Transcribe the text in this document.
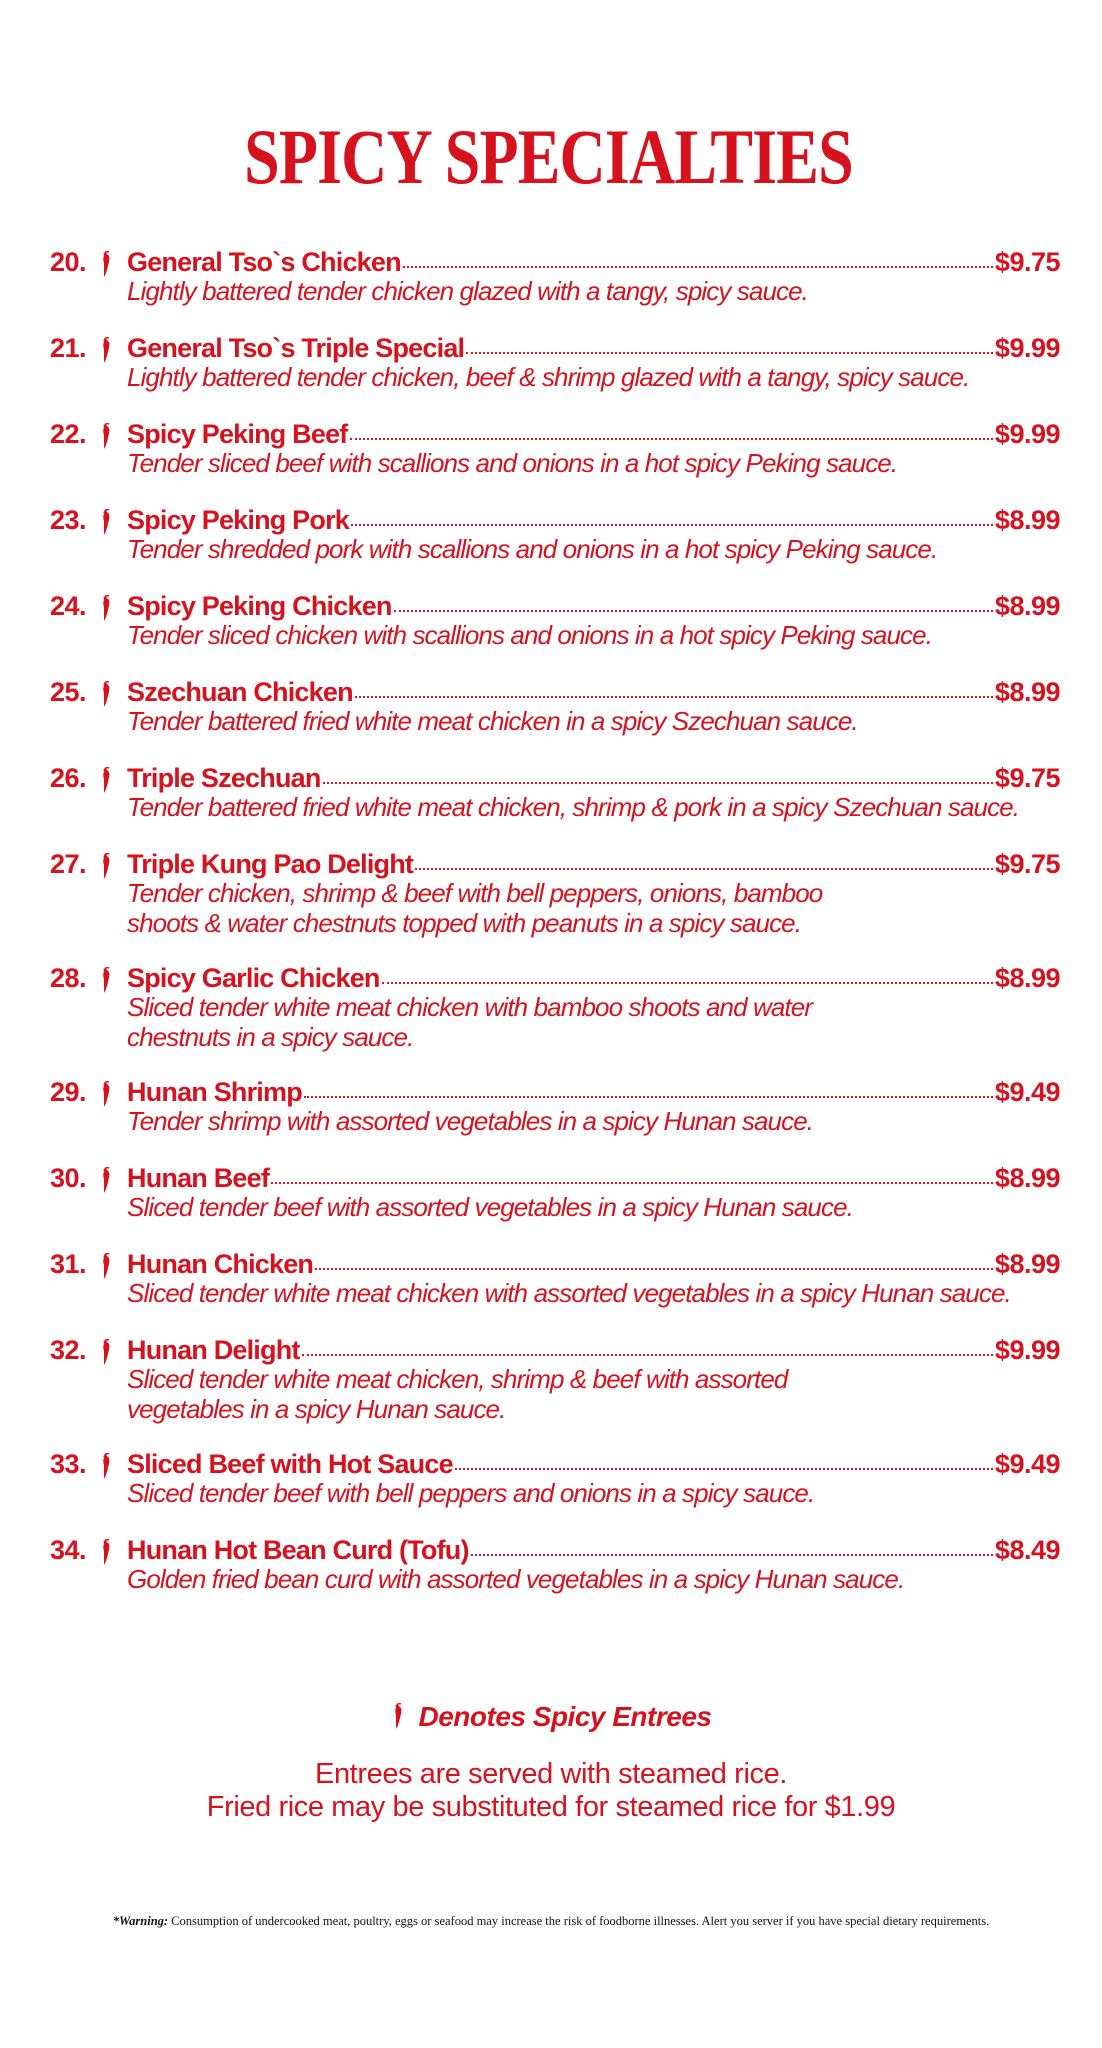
SPICY SPECIALTIES
20. General Tso`s Chicken	$9.75
Lightly battered tender chicken glazed with a tangy, spicy sauce.
21. General Tso`s Triple Special	$9.99
Lightly battered tender chicken, beef & shrimp glazed with a tangy, spicy sauce.
22. Spicy Peking Beef	$9.99
Tender sliced beef with scallions and onions in a hot spicy Peking sauce.
23. Spicy Peking Pork	$8.99
Tender shredded pork with scallions and onions in a hot spicy Peking sauce.
24. Spicy Peking Chicken	$8.99
Tender sliced chicken with scallions and onions in a hot spicy Peking sauce.
25. Szechuan Chicken	$8.99
Tender battered fried white meat chicken in a spicy Szechuan sauce.
26. Triple Szechuan	$9.75
Tender battered fried white meat chicken, shrimp & pork in a spicy Szechuan sauce.
27. Triple Kung Pao Delight	$9.75
Tender chicken, shrimp & beef with bell peppers, onions, bamboo
shoots & water chestnuts topped with peanuts in a spicy sauce.
28. Spicy Garlic Chicken	$8.99
Sliced tender white meat chicken with bamboo shoots and water
chestnuts in a spicy sauce.
29. Hunan Shrimp	$9.49
Tender shrimp with assorted vegetables in a spicy Hunan sauce.
30. Hunan Beef	$8.99
Sliced tender beef with assorted vegetables in a spicy Hunan sauce.
31. Hunan Chicken	$8.99
Sliced tender white meat chicken with assorted vegetables in a spicy Hunan sauce.
32. Hunan Delight	$9.99
Sliced tender white meat chicken, shrimp & beef with assorted
vegetables in a spicy Hunan sauce.
33. Sliced Beef with Hot Sauce	$9.49
Sliced tender beef with bell peppers and onions in a spicy sauce.
34. Hunan Hot Bean Curd (Tofu)	$8.49
Golden fried bean curd with assorted vegetables in a spicy Hunan sauce.
Denotes Spicy Entrees
Entrees are served with steamed rice.
Fried rice may be substituted for steamed rice for $1.99
*Warning: Consumption of undercooked meat, poultry, eggs or seafood may increase the risk of foodborne illnesses. Alert you server if you have special dietary requirements.
